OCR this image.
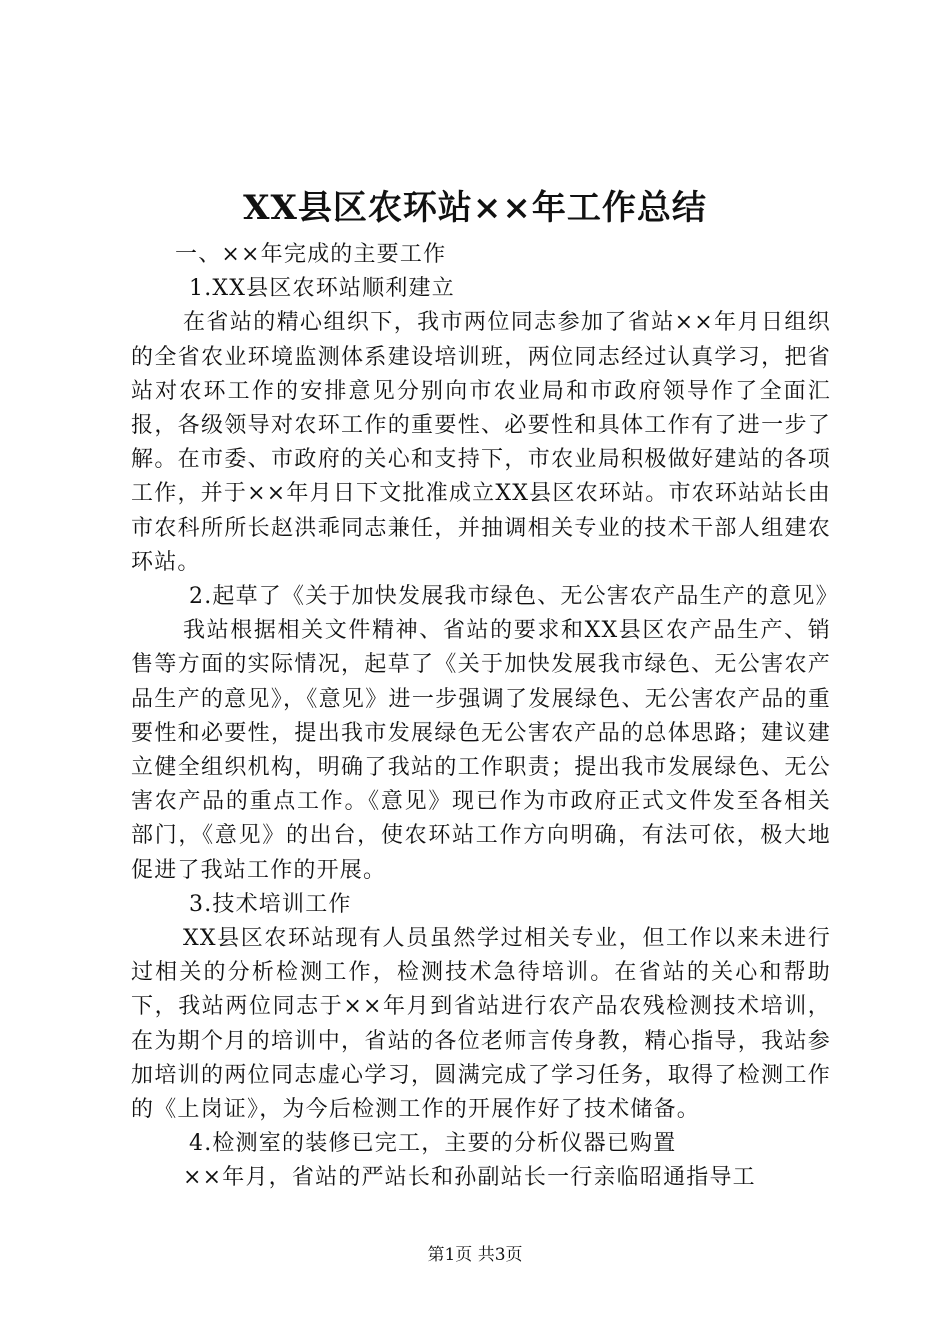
XX县区农环站××年工作总结

一、××年完成的主要工作

1.XX县区农环站顺利建立

在省站的精心组织下，我市两位同志参加了省站××年月日组织的全省农业环境监测体系建设培训班，两位同志经过认真学习，把省站对农环工作的安排意见分别向市农业局和市政府领导作了全面汇报，各级领导对农环工作的重要性、必要性和具体工作有了进一步了解。在市委、市政府的关心和支持下，市农业局积极做好建站的各项工作，并于××年月日下文批准成立XX县区农环站。市农环站站长由市农科所所长赵洪乖同志兼任，并抽调相关专业的技术干部人组建农环站。

2.起草了《关于加快发展我市绿色、无公害农产品生产的意见》

我站根据相关文件精神、省站的要求和XX县区农产品生产、销售等方面的实际情况，起草了《关于加快发展我市绿色、无公害农产品生产的意见》，《意见》进一步强调了发展绿色、无公害农产品的重要性和必要性，提出我市发展绿色无公害农产品的总体思路；建议建立健全组织机构，明确了我站的工作职责；提出我市发展绿色、无公害农产品的重点工作。《意见》现已作为市政府正式文件发至各相关部门，《意见》的出台，使农环站工作方向明确，有法可依，极大地促进了我站工作的开展。

3.技术培训工作

XX县区农环站现有人员虽然学过相关专业，但工作以来未进行过相关的分析检测工作，检测技术急待培训。在省站的关心和帮助下，我站两位同志于××年月到省站进行农产品农残检测技术培训，在为期个月的培训中，省站的各位老师言传身教，精心指导，我站参加培训的两位同志虚心学习，圆满完成了学习任务，取得了检测工作的《上岗证》，为今后检测工作的开展作好了技术储备。

4.检测室的装修已完工，主要的分析仪器已购置

××年月，省站的严站长和孙副站长一行亲临昭通指导工

第1页 共3页
